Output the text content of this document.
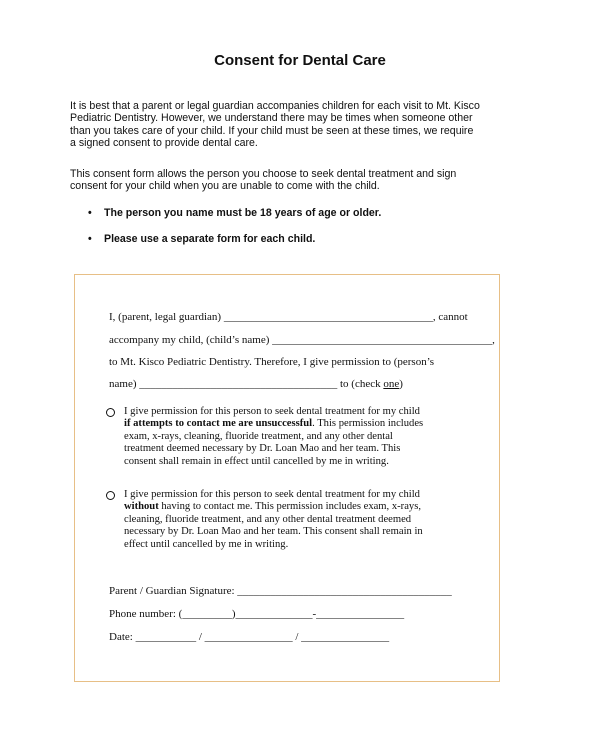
Consent for Dental Care

It is best that a parent or legal guardian accompanies children for each visit to Mt. Kisco

Pediatric Dentistry. However, we understand there may be times when someone other

than you takes care of your child. If your child must be seen at these times, we require

a signed consent to provide dental care.

This consent form allows the person you choose to seek dental treatment and sign

consent for your child when you are unable to come with the child.

• The person you name must be 18 years of age or older.
• Please use a separate form for each child.
I, (parent, legal guardian) ______________________________________, cannot
accompany my child, (child’s name) ________________________________________,
to Mt. Kisco Pediatric Dentistry. Therefore, I give permission to (person’s
name) ____________________________________ to (check one)
I give permission for this person to seek dental treatment for my child
if attempts to contact me are unsuccessful. This permission includes
exam, x-rays, cleaning, fluoride treatment, and any other dental
treatment deemed necessary by Dr. Loan Mao and her team. This
consent shall remain in effect until cancelled by me in writing.
I give permission for this person to seek dental treatment for my child
without having to contact me. This permission includes exam, x-rays,
cleaning, fluoride treatment, and any other dental treatment deemed
necessary by Dr. Loan Mao and her team. This consent shall remain in
effect until cancelled by me in writing.
Parent / Guardian Signature: _______________________________________
Phone number: (_________)______________-________________
Date: ___________ / ________________ / ________________
